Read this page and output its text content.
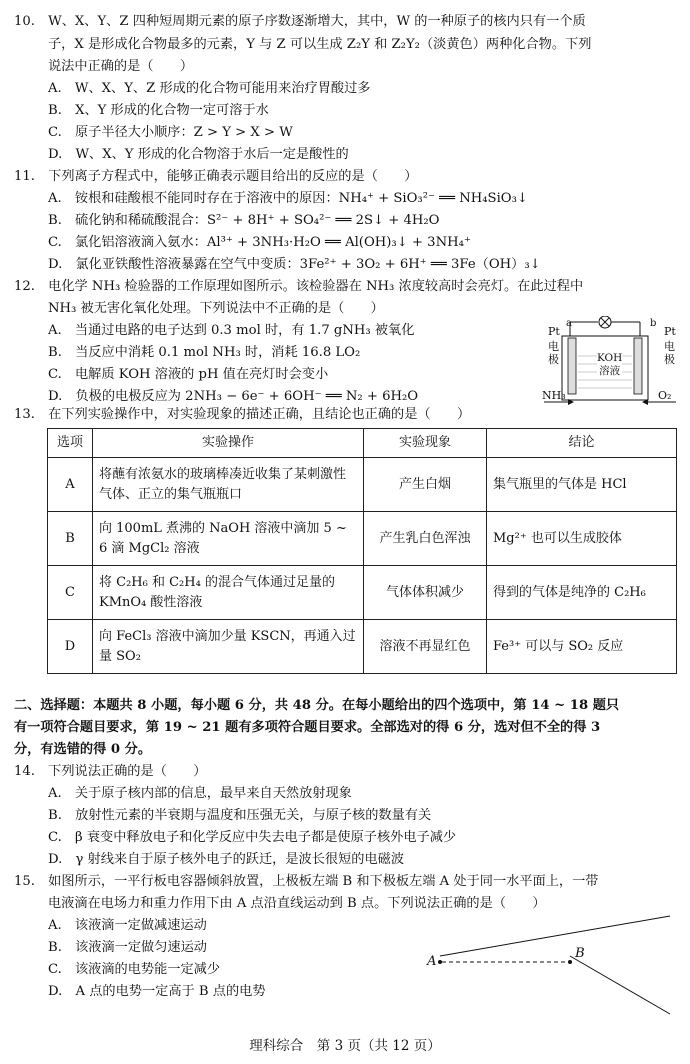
10.　W、X、Y、Z 四种短周期元素的原子序数逐渐增大，其中，W 的一种原子的核内只有一个质
子，X 是形成化合物最多的元素，Y 与 Z 可以生成 Z₂Y 和 Z₂Y₂（淡黄色）两种化合物。下列
说法中正确的是（　　）
A.　W、X、Y、Z 形成的化合物可能用来治疗胃酸过多
B.　X、Y 形成的化合物一定可溶于水
C.　原子半径大小顺序：Z > Y > X > W
D.　W、X、Y 形成的化合物溶于水后一定是酸性的
11.　下列离子方程式中，能够正确表示题目给出的反应的是（　　）
A.　铵根和硅酸根不能同时存在于溶液中的原因：NH₄⁺ + SiO₃²⁻ ══ NH₄SiO₃↓
B.　硫化钠和稀硫酸混合：S²⁻ + 8H⁺ + SO₄²⁻ ══ 2S↓ + 4H₂O
C.　氯化铝溶液滴入氨水：Al³⁺ + 3NH₃·H₂O ══ Al(OH)₃↓ + 3NH₄⁺
D.　氯化亚铁酸性溶液暴露在空气中变质：3Fe²⁺ + 3O₂ + 6H⁺ ══ 3Fe（OH）₃↓
12.　电化学 NH₃ 检验器的工作原理如图所示。该检验器在 NH₃ 浓度较高时会亮灯。在此过程中
NH₃ 被无害化氧化处理。下列说法中不正确的是（　　）
A.　当通过电路的电子达到 0.3 mol 时，有 1.7 gNH₃ 被氧化
B.　当反应中消耗 0.1 mol NH₃ 时，消耗 16.8 LO₂
C.　电解质 KOH 溶液的 pH 值在亮灯时会变小
D.　负极的电极反应为 2NH₃ − 6e⁻ + 6OH⁻ ══ N₂ + 6H₂O
Pt
a
电
极
b
Pt
电
极
KOH
溶液
NH₃	O₂
13.　在下列实验操作中，对实验现象的描述正确，且结论也正确的是（　　）
选项	实验操作	实验现象	结论
A	将蘸有浓氨水的玻璃棒凑近收集了某刺激性气体、正立的集气瓶瓶口	产生白烟	集气瓶里的气体是 HCl
B	向 100mL 煮沸的 NaOH 溶液中滴加 5 ~ 6 滴 MgCl₂ 溶液	产生乳白色浑浊	Mg²⁺ 也可以生成胶体
C	将 C₂H₆ 和 C₂H₄ 的混合气体通过足量的 KMnO₄ 酸性溶液	气体体积减少	得到的气体是纯净的 C₂H₆
D	向 FeCl₃ 溶液中滴加少量 KSCN，再通入过量 SO₂	溶液不再显红色	Fe³⁺ 可以与 SO₂ 反应
二、选择题：本题共 8 小题，每小题 6 分，共 48 分。在每小题给出的四个选项中，第 14 ~ 18 题只
有一项符合题目要求，第 19 ~ 21 题有多项符合题目要求。全部选对的得 6 分，选对但不全的得 3
分，有选错的得 0 分。
14.　下列说法正确的是（　　）
A.　关于原子核内部的信息，最早来自天然放射现象
B.　放射性元素的半衰期与温度和压强无关，与原子核的数量有关
C.　β 衰变中释放电子和化学反应中失去电子都是使原子核外电子减少
D.　γ 射线来自于原子核外电子的跃迁，是波长很短的电磁波
15.　如图所示，一平行板电容器倾斜放置，上极板左端 B 和下极板左端 A 处于同一水平面上，一带
电液滴在电场力和重力作用下由 A 点沿直线运动到 B 点。下列说法正确的是（　　）
A.　该液滴一定做减速运动
B.　该液滴一定做匀速运动
C.　该液滴的电势能一定减少
D.　A 点的电势一定高于 B 点的电势
A
B
理科综合　第 3 页（共 12 页）
